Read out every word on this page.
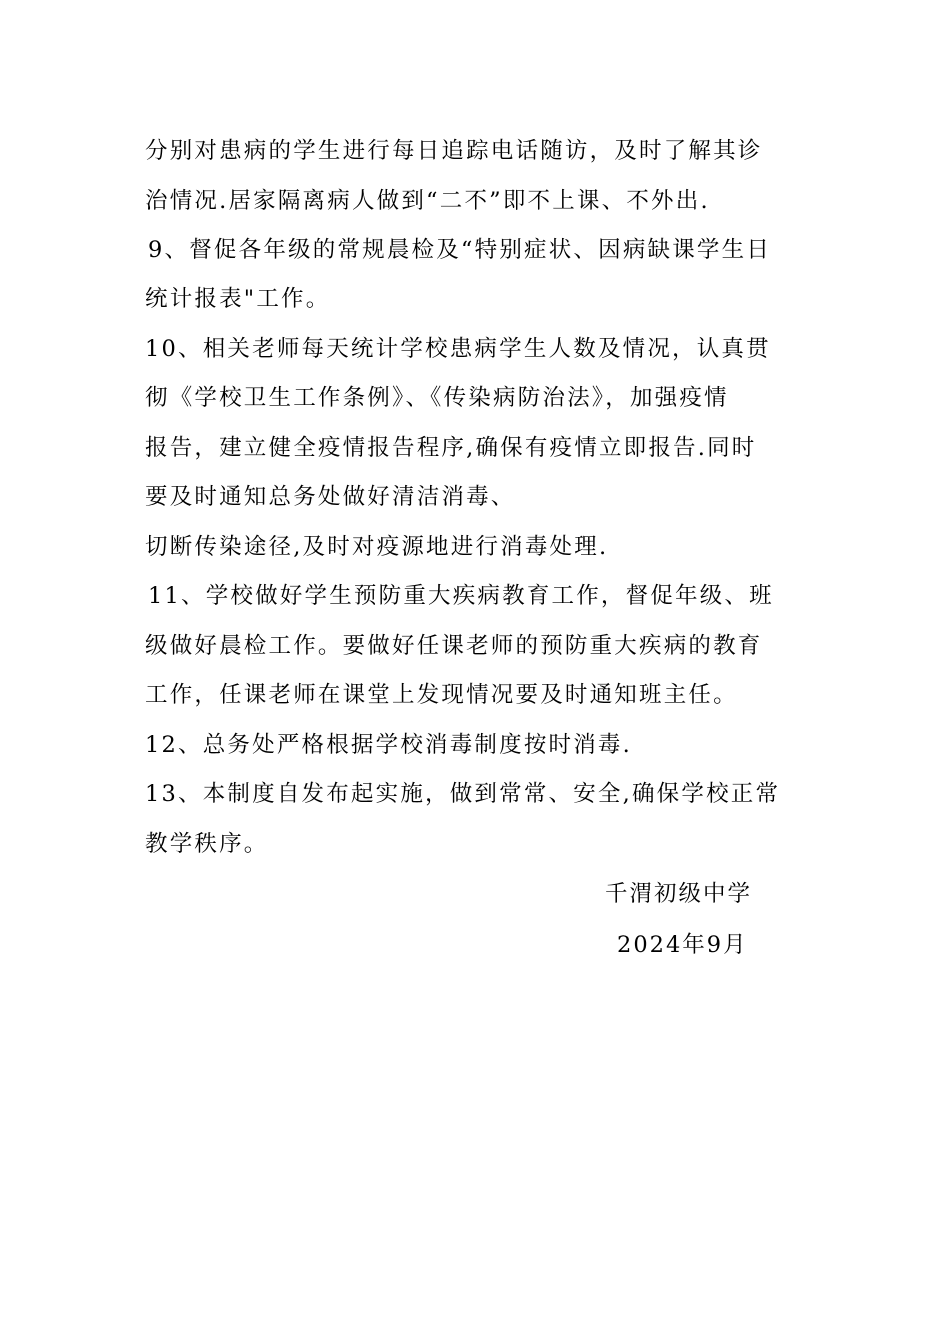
分别对患病的学生进行每日追踪电话随访，及时了解其诊
治情况.居家隔离病人做到“二不”即不上课、不外出.
9、督促各年级的常规晨检及“特别症状、因病缺课学生日
统计报表"工作。
10、相关老师每天统计学校患病学生人数及情况，认真贯
彻《学校卫生工作条例》、《传染病防治法》，加强疫情
报告，建立健全疫情报告程序,确保有疫情立即报告.同时
要及时通知总务处做好清洁消毒、
切断传染途径,及时对疫源地进行消毒处理.
11、学校做好学生预防重大疾病教育工作，督促年级、班
级做好晨检工作。要做好任课老师的预防重大疾病的教育
工作，任课老师在课堂上发现情况要及时通知班主任。
12、总务处严格根据学校消毒制度按时消毒.
13、本制度自发布起实施，做到常常、安全,确保学校正常
教学秩序。
千渭初级中学
2024年9月
